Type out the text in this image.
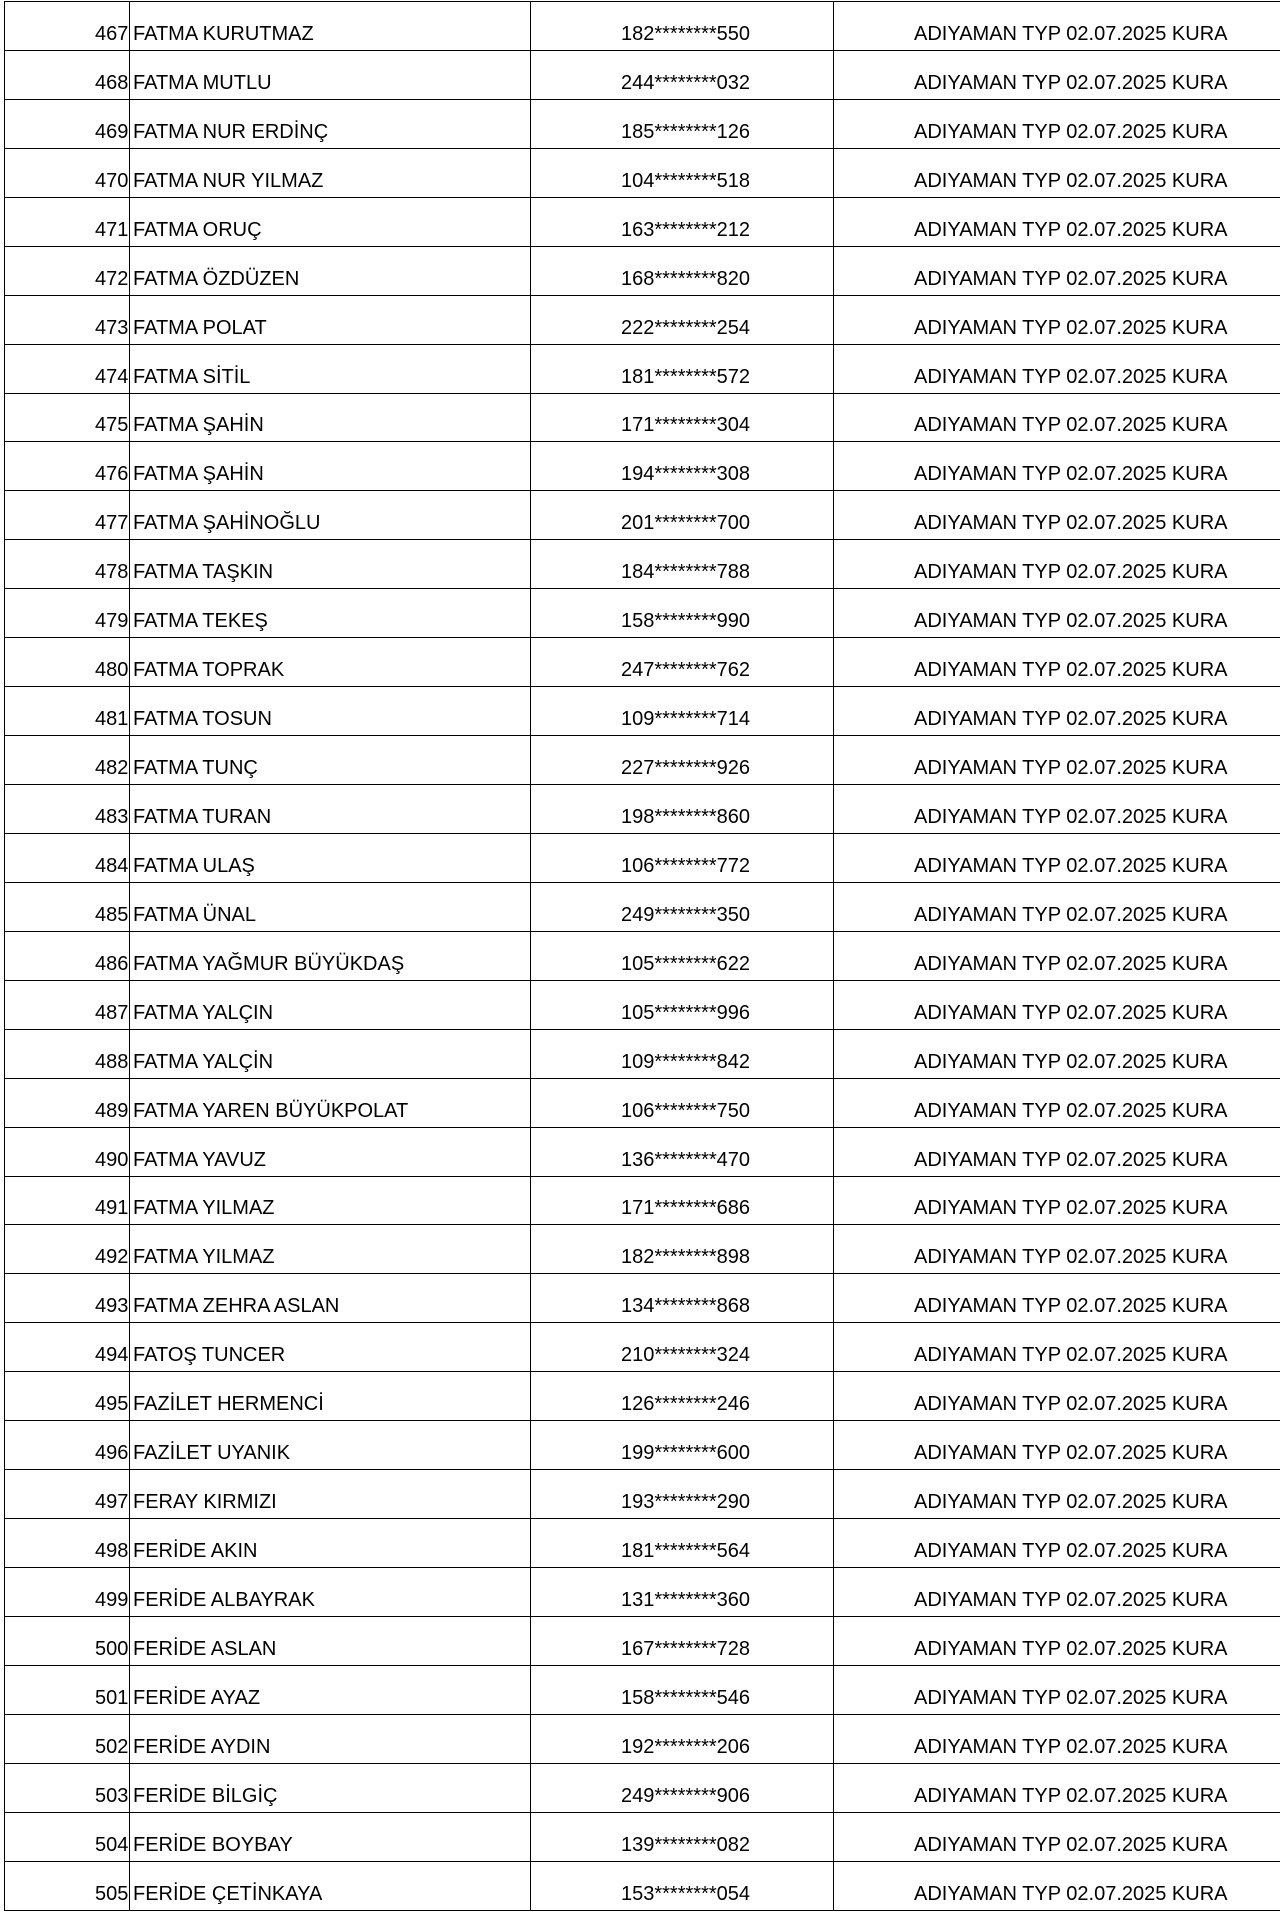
467	FATMA KURUTMAZ	182********550	ADIYAMAN TYP 02.07.2025 KURA

468	FATMA MUTLU	244********032	ADIYAMAN TYP 02.07.2025 KURA

469	FATMA NUR ERDİNÇ	185********126	ADIYAMAN TYP 02.07.2025 KURA

470	FATMA NUR YILMAZ	104********518	ADIYAMAN TYP 02.07.2025 KURA

471	FATMA ORUÇ	163********212	ADIYAMAN TYP 02.07.2025 KURA

472	FATMA ÖZDÜZEN	168********820	ADIYAMAN TYP 02.07.2025 KURA

473	FATMA POLAT	222********254	ADIYAMAN TYP 02.07.2025 KURA

474	FATMA SİTİL	181********572	ADIYAMAN TYP 02.07.2025 KURA

475	FATMA ŞAHİN	171********304	ADIYAMAN TYP 02.07.2025 KURA

476	FATMA ŞAHİN	194********308	ADIYAMAN TYP 02.07.2025 KURA

477	FATMA ŞAHİNOĞLU	201********700	ADIYAMAN TYP 02.07.2025 KURA

478	FATMA TAŞKIN	184********788	ADIYAMAN TYP 02.07.2025 KURA

479	FATMA TEKEŞ	158********990	ADIYAMAN TYP 02.07.2025 KURA

480	FATMA TOPRAK	247********762	ADIYAMAN TYP 02.07.2025 KURA

481	FATMA TOSUN	109********714	ADIYAMAN TYP 02.07.2025 KURA

482	FATMA TUNÇ	227********926	ADIYAMAN TYP 02.07.2025 KURA

483	FATMA TURAN	198********860	ADIYAMAN TYP 02.07.2025 KURA

484	FATMA ULAŞ	106********772	ADIYAMAN TYP 02.07.2025 KURA

485	FATMA ÜNAL	249********350	ADIYAMAN TYP 02.07.2025 KURA

486	FATMA YAĞMUR BÜYÜKDAŞ	105********622	ADIYAMAN TYP 02.07.2025 KURA

487	FATMA YALÇIN	105********996	ADIYAMAN TYP 02.07.2025 KURA

488	FATMA YALÇİN	109********842	ADIYAMAN TYP 02.07.2025 KURA

489	FATMA YAREN BÜYÜKPOLAT	106********750	ADIYAMAN TYP 02.07.2025 KURA

490	FATMA YAVUZ	136********470	ADIYAMAN TYP 02.07.2025 KURA

491	FATMA YILMAZ	171********686	ADIYAMAN TYP 02.07.2025 KURA

492	FATMA YILMAZ	182********898	ADIYAMAN TYP 02.07.2025 KURA

493	FATMA ZEHRA ASLAN	134********868	ADIYAMAN TYP 02.07.2025 KURA

494	FATOŞ TUNCER	210********324	ADIYAMAN TYP 02.07.2025 KURA

495	FAZİLET HERMENCİ	126********246	ADIYAMAN TYP 02.07.2025 KURA

496	FAZİLET UYANIK	199********600	ADIYAMAN TYP 02.07.2025 KURA

497	FERAY KIRMIZI	193********290	ADIYAMAN TYP 02.07.2025 KURA

498	FERİDE AKIN	181********564	ADIYAMAN TYP 02.07.2025 KURA

499	FERİDE ALBAYRAK	131********360	ADIYAMAN TYP 02.07.2025 KURA

500	FERİDE ASLAN	167********728	ADIYAMAN TYP 02.07.2025 KURA

501	FERİDE AYAZ	158********546	ADIYAMAN TYP 02.07.2025 KURA

502	FERİDE AYDIN	192********206	ADIYAMAN TYP 02.07.2025 KURA

503	FERİDE BİLGİÇ	249********906	ADIYAMAN TYP 02.07.2025 KURA

504	FERİDE BOYBAY	139********082	ADIYAMAN TYP 02.07.2025 KURA

505	FERİDE ÇETİNKAYA	153********054	ADIYAMAN TYP 02.07.2025 KURA
